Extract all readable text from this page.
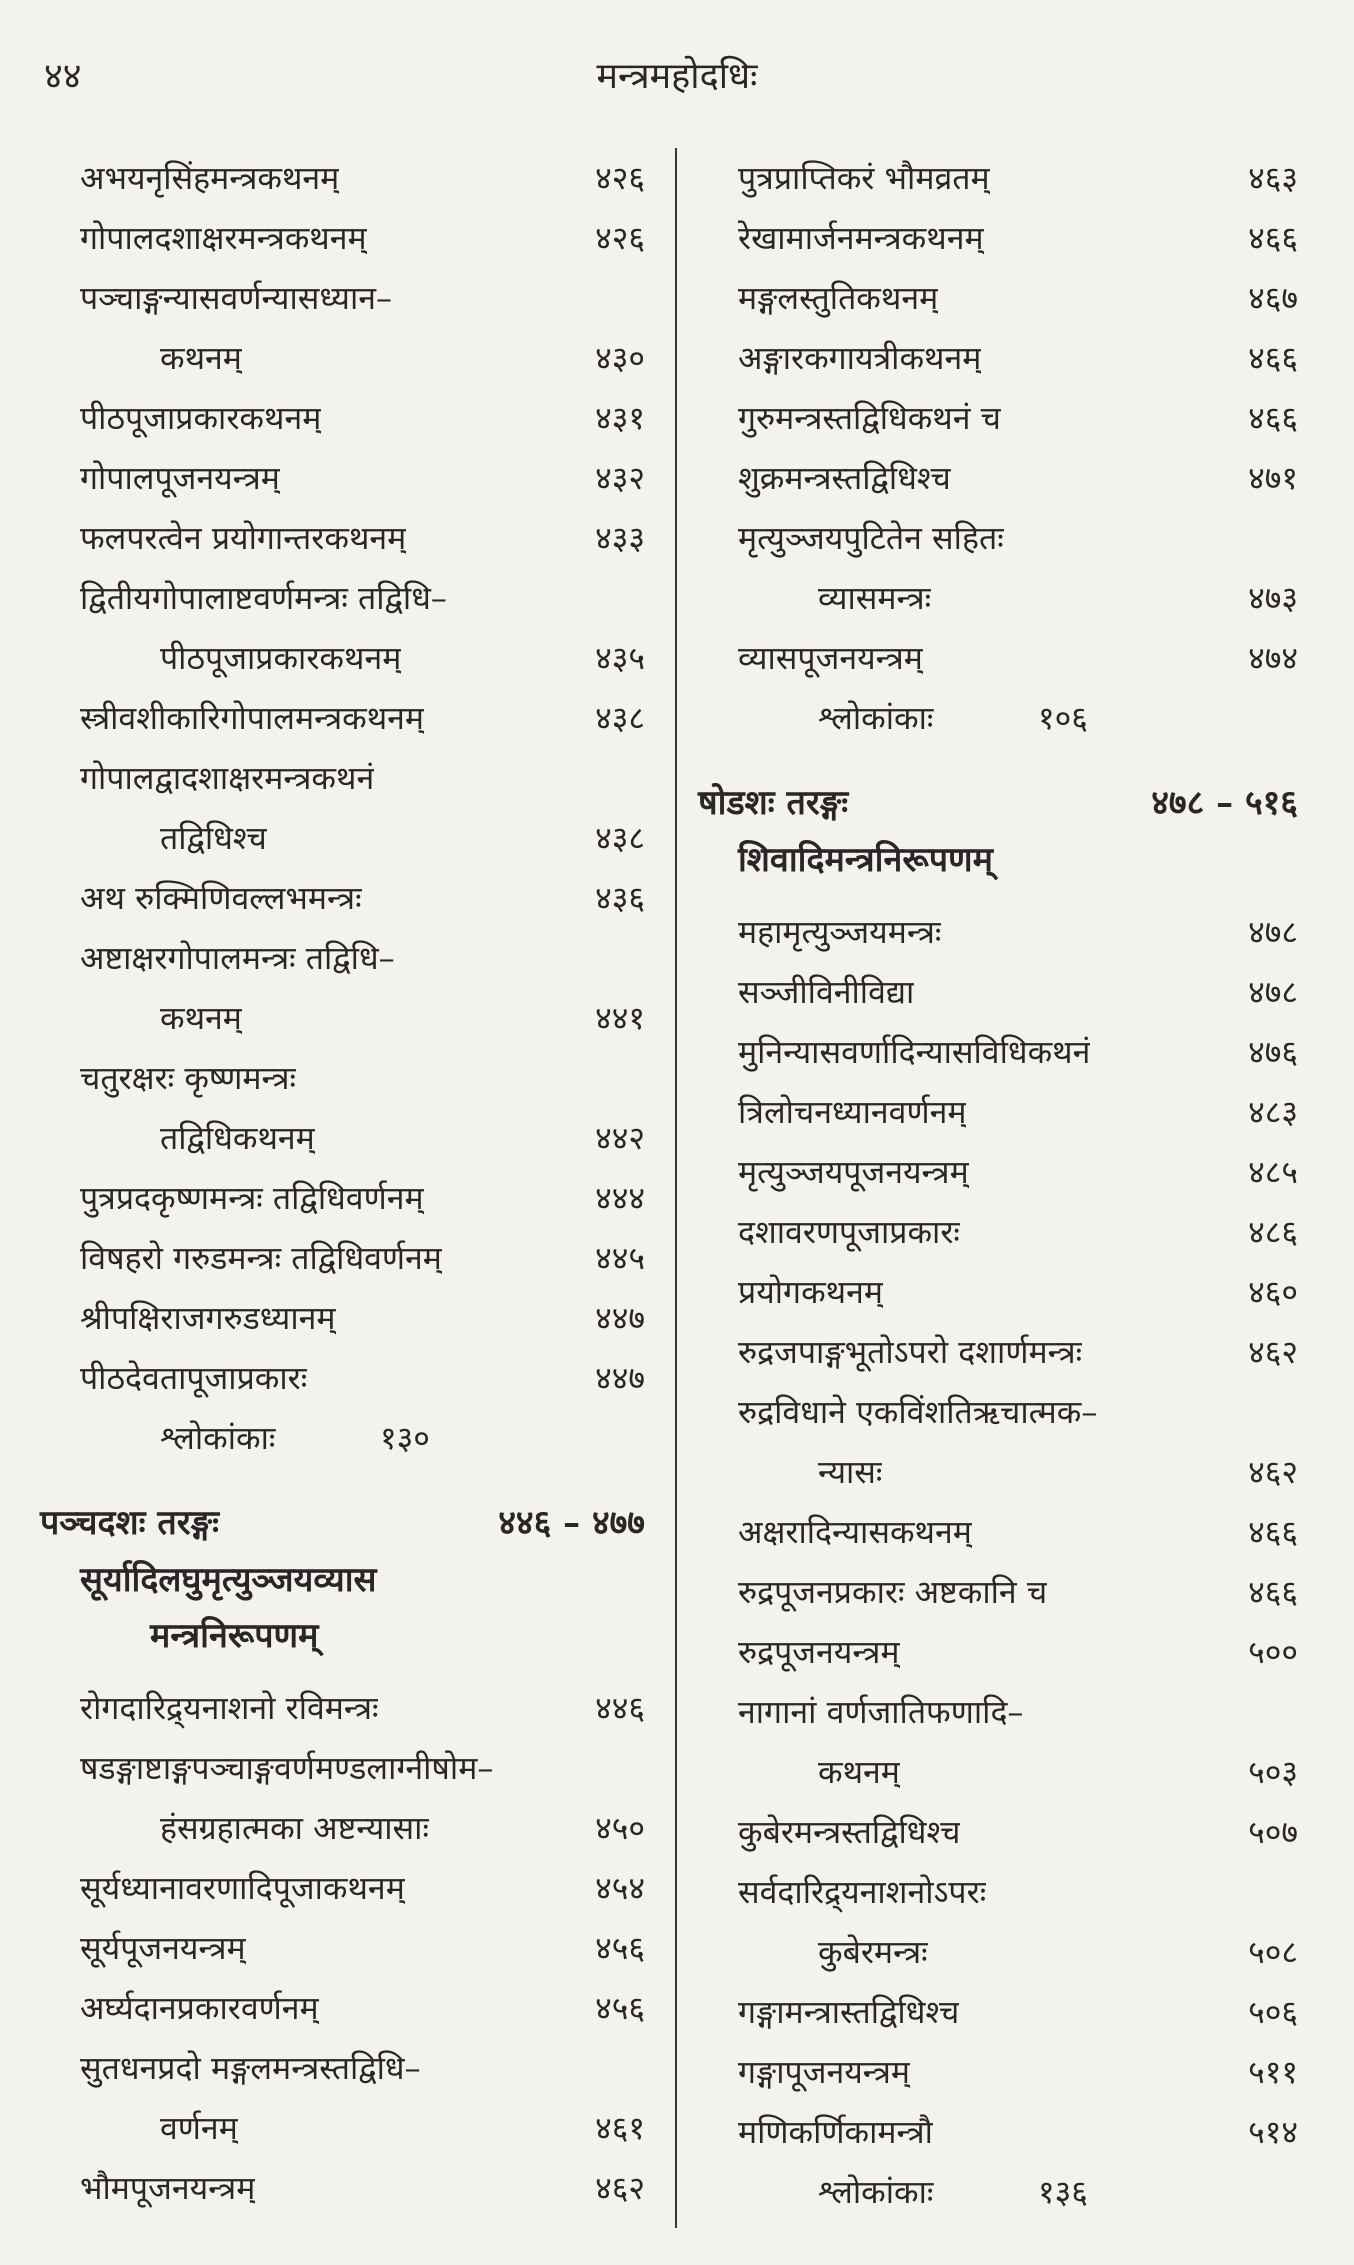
४४	मन्त्रमहोदधिः
अभयनृसिंहमन्त्रकथनम्	४२६
गोपालदशाक्षरमन्त्रकथनम्	४२६
पञ्चाङ्गन्यासवर्णन्यासध्यान–
कथनम्	४३०
पीठपूजाप्रकारकथनम्	४३१
गोपालपूजनयन्त्रम्	४३२
फलपरत्वेन प्रयोगान्तरकथनम्	४३३
द्वितीयगोपालाष्टवर्णमन्त्रः तद्विधि–
पीठपूजाप्रकारकथनम्	४३५
स्त्रीवशीकारिगोपालमन्त्रकथनम्	४३८
गोपालद्वादशाक्षरमन्त्रकथनं
तद्विधिश्च	४३८
अथ रुक्मिणिवल्लभमन्त्रः	४३६
अष्टाक्षरगोपालमन्त्रः तद्विधि–
कथनम्	४४१
चतुरक्षरः कृष्णमन्त्रः
तद्विधिकथनम्	४४२
पुत्रप्रदकृष्णमन्त्रः तद्विधिवर्णनम्	४४४
विषहरो गरुडमन्त्रः तद्विधिवर्णनम्	४४५
श्रीपक्षिराजगरुडध्यानम्	४४७
पीठदेवतापूजाप्रकारः	४४७
श्लोकांकाः	१३०
पञ्चदशः तरङ्गः	४४६ – ४७७
सूर्यादिलघुमृत्युञ्जयव्यास
मन्त्रनिरूपणम्
रोगदारिद्र्यनाशनो रविमन्त्रः	४४६
षडङ्गाष्टाङ्गपञ्चाङ्गवर्णमण्डलाग्नीषोम–
हंसग्रहात्मका अष्टन्यासाः	४५०
सूर्यध्यानावरणादिपूजाकथनम्	४५४
सूर्यपूजनयन्त्रम्	४५६
अर्घ्यदानप्रकारवर्णनम्	४५६
सुतधनप्रदो मङ्गलमन्त्रस्तद्विधि–
वर्णनम्	४६१
भौमपूजनयन्त्रम्	४६२
पुत्रप्राप्तिकरं भौमव्रतम्	४६३
रेखामार्जनमन्त्रकथनम्	४६६
मङ्गलस्तुतिकथनम्	४६७
अङ्गारकगायत्रीकथनम्	४६६
गुरुमन्त्रस्तद्विधिकथनं च	४६६
शुक्रमन्त्रस्तद्विधिश्च	४७१
मृत्युञ्जयपुटितेन सहितः
व्यासमन्त्रः	४७३
व्यासपूजनयन्त्रम्	४७४
श्लोकांकाः	१०६
षोडशः तरङ्गः	४७८ – ५१६
शिवादिमन्त्रनिरूपणम्
महामृत्युञ्जयमन्त्रः	४७८
सञ्जीविनीविद्या	४७८
मुनिन्यासवर्णादिन्यासविधिकथनं	४७६
त्रिलोचनध्यानवर्णनम्	४८३
मृत्युञ्जयपूजनयन्त्रम्	४८५
दशावरणपूजाप्रकारः	४८६
प्रयोगकथनम्	४६०
रुद्रजपाङ्गभूतोऽपरो दशार्णमन्त्रः	४६२
रुद्रविधाने एकविंशतिऋचात्मक–
न्यासः	४६२
अक्षरादिन्यासकथनम्	४६६
रुद्रपूजनप्रकारः अष्टकानि च	४६६
रुद्रपूजनयन्त्रम्	५००
नागानां वर्णजातिफणादि–
कथनम्	५०३
कुबेरमन्त्रस्तद्विधिश्च	५०७
सर्वदारिद्र्यनाशनोऽपरः
कुबेरमन्त्रः	५०८
गङ्गामन्त्रास्तद्विधिश्च	५०६
गङ्गापूजनयन्त्रम्	५११
मणिकर्णिकामन्त्रौ	५१४
श्लोकांकाः	१३६
